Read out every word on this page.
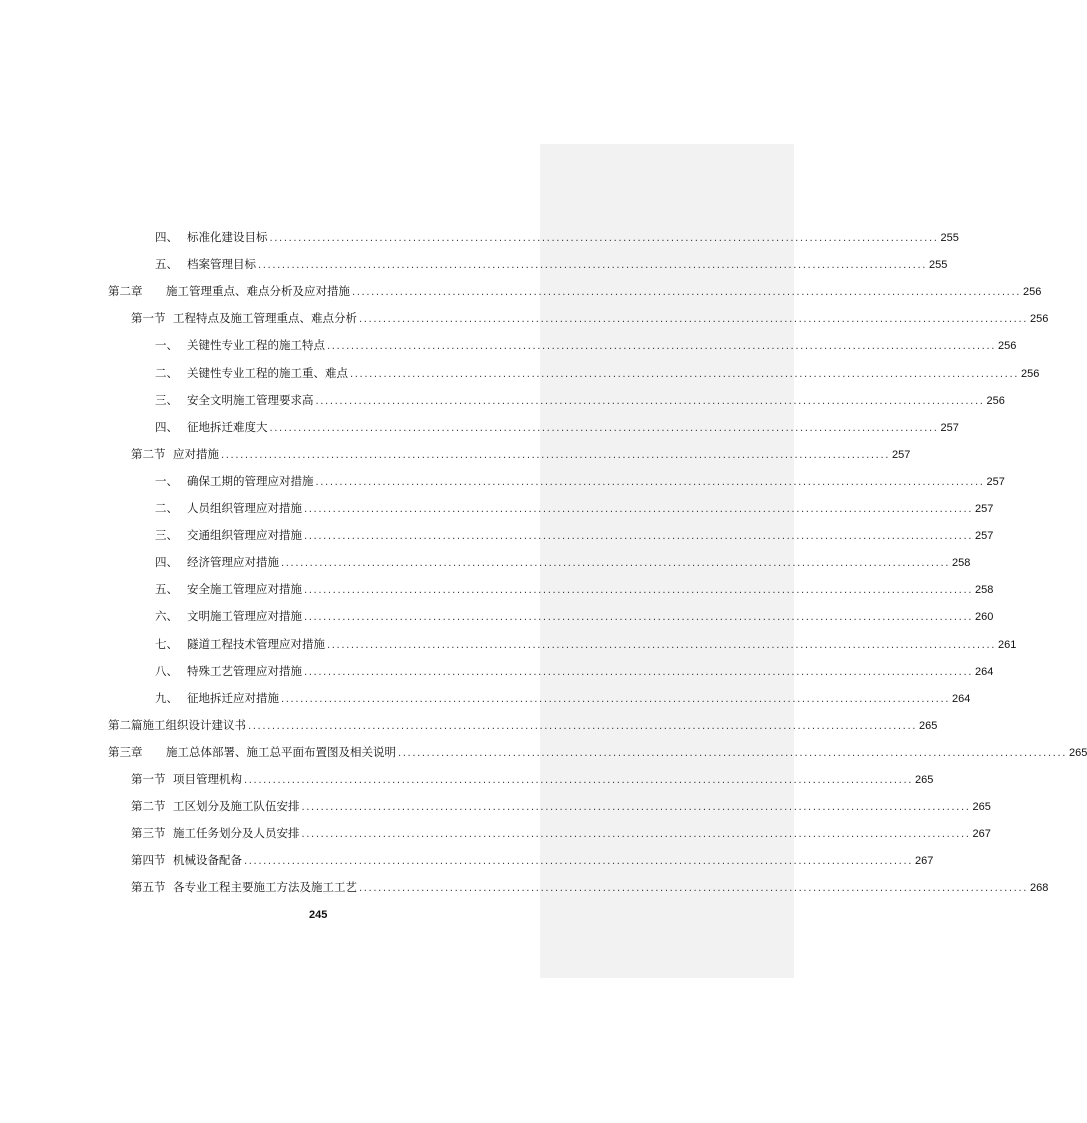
四、 标准化建设目标 ............................................................................................................................................ 255
五、 档案管理目标 ............................................................................................................................................ 255
第二章	施工管理重点、难点分析及应对措施 ............................................................................................................................................ 256
第一节 工程特点及施工管理重点、难点分析 ............................................................................................................................................ 256
一、 关键性专业工程的施工特点 ............................................................................................................................................ 256
二、 关键性专业工程的施工重、难点 ............................................................................................................................................ 256
三、 安全文明施工管理要求高 ............................................................................................................................................ 256
四、 征地拆迁难度大 ............................................................................................................................................ 257
第二节 应对措施 ............................................................................................................................................ 257
一、 确保工期的管理应对措施 ............................................................................................................................................ 257
二、 人员组织管理应对措施 ............................................................................................................................................ 257
三、 交通组织管理应对措施 ............................................................................................................................................ 257
四、 经济管理应对措施 ............................................................................................................................................ 258
五、 安全施工管理应对措施 ............................................................................................................................................ 258
六、 文明施工管理应对措施 ............................................................................................................................................ 260
七、 隧道工程技术管理应对措施 ............................................................................................................................................ 261
八、 特殊工艺管理应对措施 ............................................................................................................................................ 264
九、 征地拆迁应对措施 ............................................................................................................................................ 264
第二篇施工组织设计建议书 ............................................................................................................................................ 265
第三章	施工总体部署、施工总平面布置图及相关说明 ............................................................................................................................................ 265
第一节 项目管理机构 ............................................................................................................................................ 265
第二节 工区划分及施工队伍安排 ............................................................................................................................................ 265
第三节 施工任务划分及人员安排 ............................................................................................................................................ 267
第四节 机械设备配备 ............................................................................................................................................ 267
第五节 各专业工程主要施工方法及施工工艺 ............................................................................................................................................ 268
245
